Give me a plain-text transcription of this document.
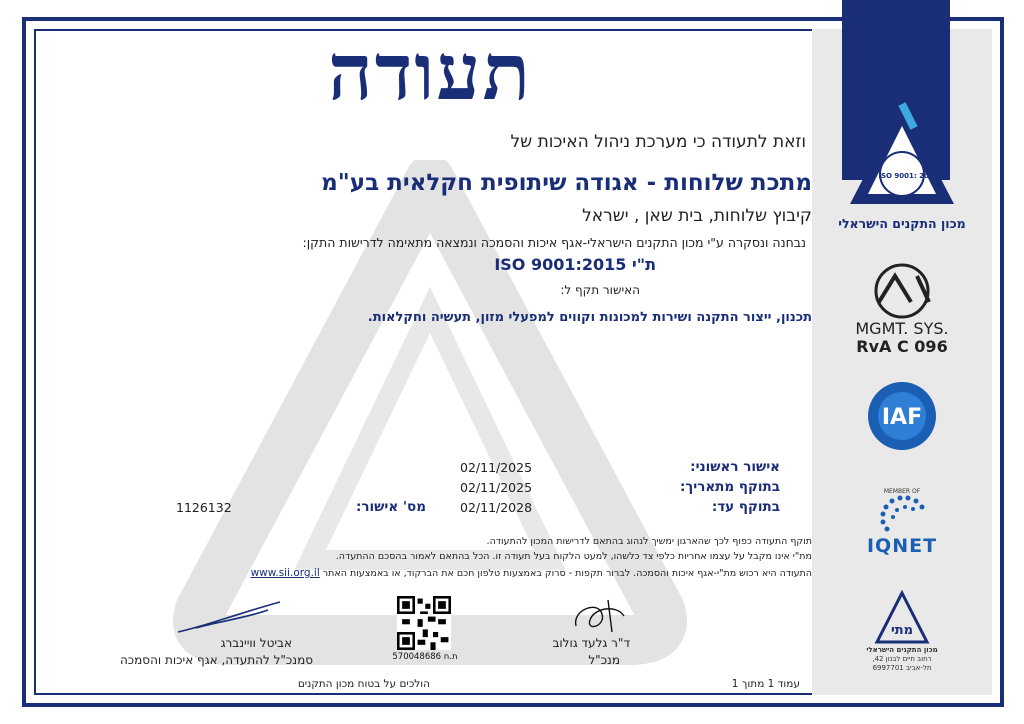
תעודה
וזאת לתעודה כי מערכת ניהול האיכות של
מתכת שלוחות - אגודה שיתופית חקלאית בע"מ
קיבוץ שלוחות, בית שאן , ישראל
נבחנה ונסקרה ע"י מכון התקנים הישראלי-אגף איכות והסמכה ונמצאה מתאימה לדרישות התקן:
ISO 9001:2015 ת"י
האישור תקף ל:
תכנון, ייצור התקנה ושירות למכונות וקווים למפעלי מזון, תעשיה וחקלאות.
אישור ראשוני:
02/11/2025
בתוקף מתאריך:
02/11/2025
בתוקף עד:
02/11/2028
מס' אישור:
1126132
תוקף התעודה כפוף לכך שהארגון ימשיך לנהוג בהתאם לדרישות המכון להתעודה.
מת"י אינו מקבל על עצמו אחריות כלפי צד כלשהו, למעט הלקוח בעל תעודה זו. הכל בהתאם לאמור בהסכם ההתעדה.
התעודה היא רכוש מת"י-אגף איכות והסמכה. לברור תקפות - סרוק באמצעות טלפון חכם את הברקוד, או באמצעות האתר www.sii.org.il
אביטל וויינברג
סמנכ"ל להתעדה, אגף איכות והסמכה	ת.ח 570048686
ד"ר גלעד גולוב
מנכ"ל
עמוד 1 מתוך 1
הולכים על בטוח מכון התקנים
ת"י ISO 9001: 2015
מכון התקנים הישראלי
MGMT. SYS.
RvA C 096
IAF
MEMBER OF
IQNET
מתי
מכון התקנים הישראלי
רחוב חיים לבנון 42,
תל-אביב 6997701
